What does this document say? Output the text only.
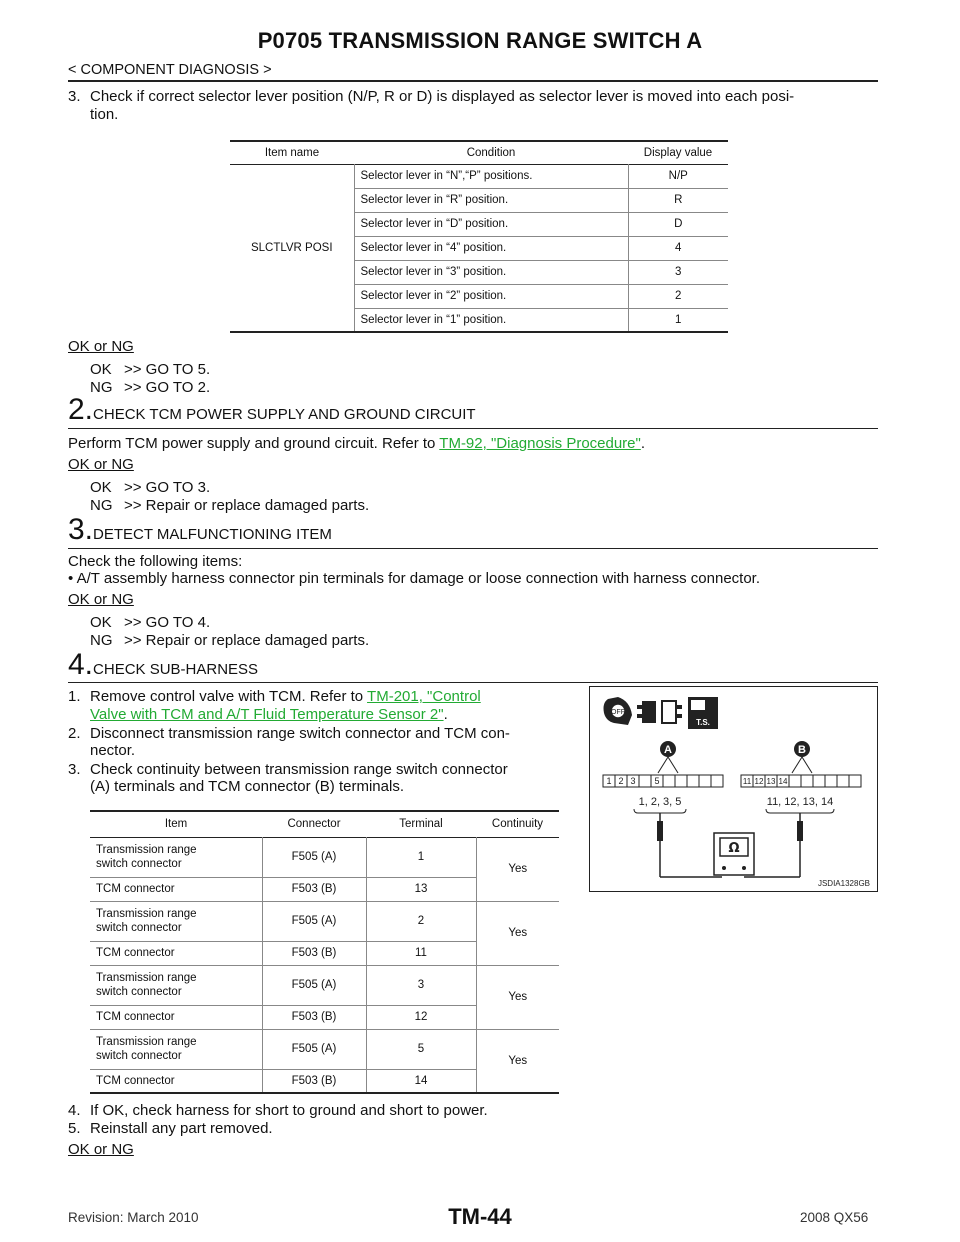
P0705 TRANSMISSION RANGE SWITCH A
< COMPONENT DIAGNOSIS >
3. Check if correct selector lever position (N/P, R or D) is displayed as selector lever is moved into each posi-
tion.
Item name	Condition	Display value
SLCTLVR POSI	Selector lever in “N”,“P” positions.	N/P
	Selector lever in “R” position.	R
	Selector lever in “D” position.	D
	Selector lever in “4” position.	4
	Selector lever in “3” position.	3
	Selector lever in “2” position.	2
	Selector lever in “1” position.	1
OK or NG
OK >> GO TO 5.
NG >> GO TO 2.
2.CHECK TCM POWER SUPPLY AND GROUND CIRCUIT
Perform TCM power supply and ground circuit. Refer to TM-92, "Diagnosis Procedure".
OK or NG
OK >> GO TO 3.
NG >> Repair or replace damaged parts.
3.DETECT MALFUNCTIONING ITEM
Check the following items:
• A/T assembly harness connector pin terminals for damage or loose connection with harness connector.
OK or NG
OK >> GO TO 4.
NG >> Repair or replace damaged parts.
4.CHECK SUB-HARNESS
1. Remove control valve with TCM. Refer to TM-201, "Control
Valve with TCM and A/T Fluid Temperature Sensor 2".
2. Disconnect transmission range switch connector and TCM con-
nector.
3. Check continuity between transmission range switch connector
(A) terminals and TCM connector (B) terminals.
Item	Connector	Terminal	Continuity
Transmission range
switch connector	F505 (A)	1	Yes
TCM connector	F503 (B)	13	
Transmission range
switch connector	F505 (A)	2	Yes
TCM connector	F503 (B)	11	
Transmission range
switch connector	F505 (A)	3	Yes
TCM connector	F503 (B)	12	
Transmission range
switch connector	F505 (A)	5	Yes
TCM connector	F503 (B)	14	
4. If OK, check harness for short to ground and short to power.
5. Reinstall any part removed.
OK or NG
OFF
T.S.
A	B
1 2 3 5	11 12 13 14
1, 2, 3, 5	11, 12, 13, 14
Ω
JSDIA1328GB
Revision: March 2010	TM-44	2008 QX56
